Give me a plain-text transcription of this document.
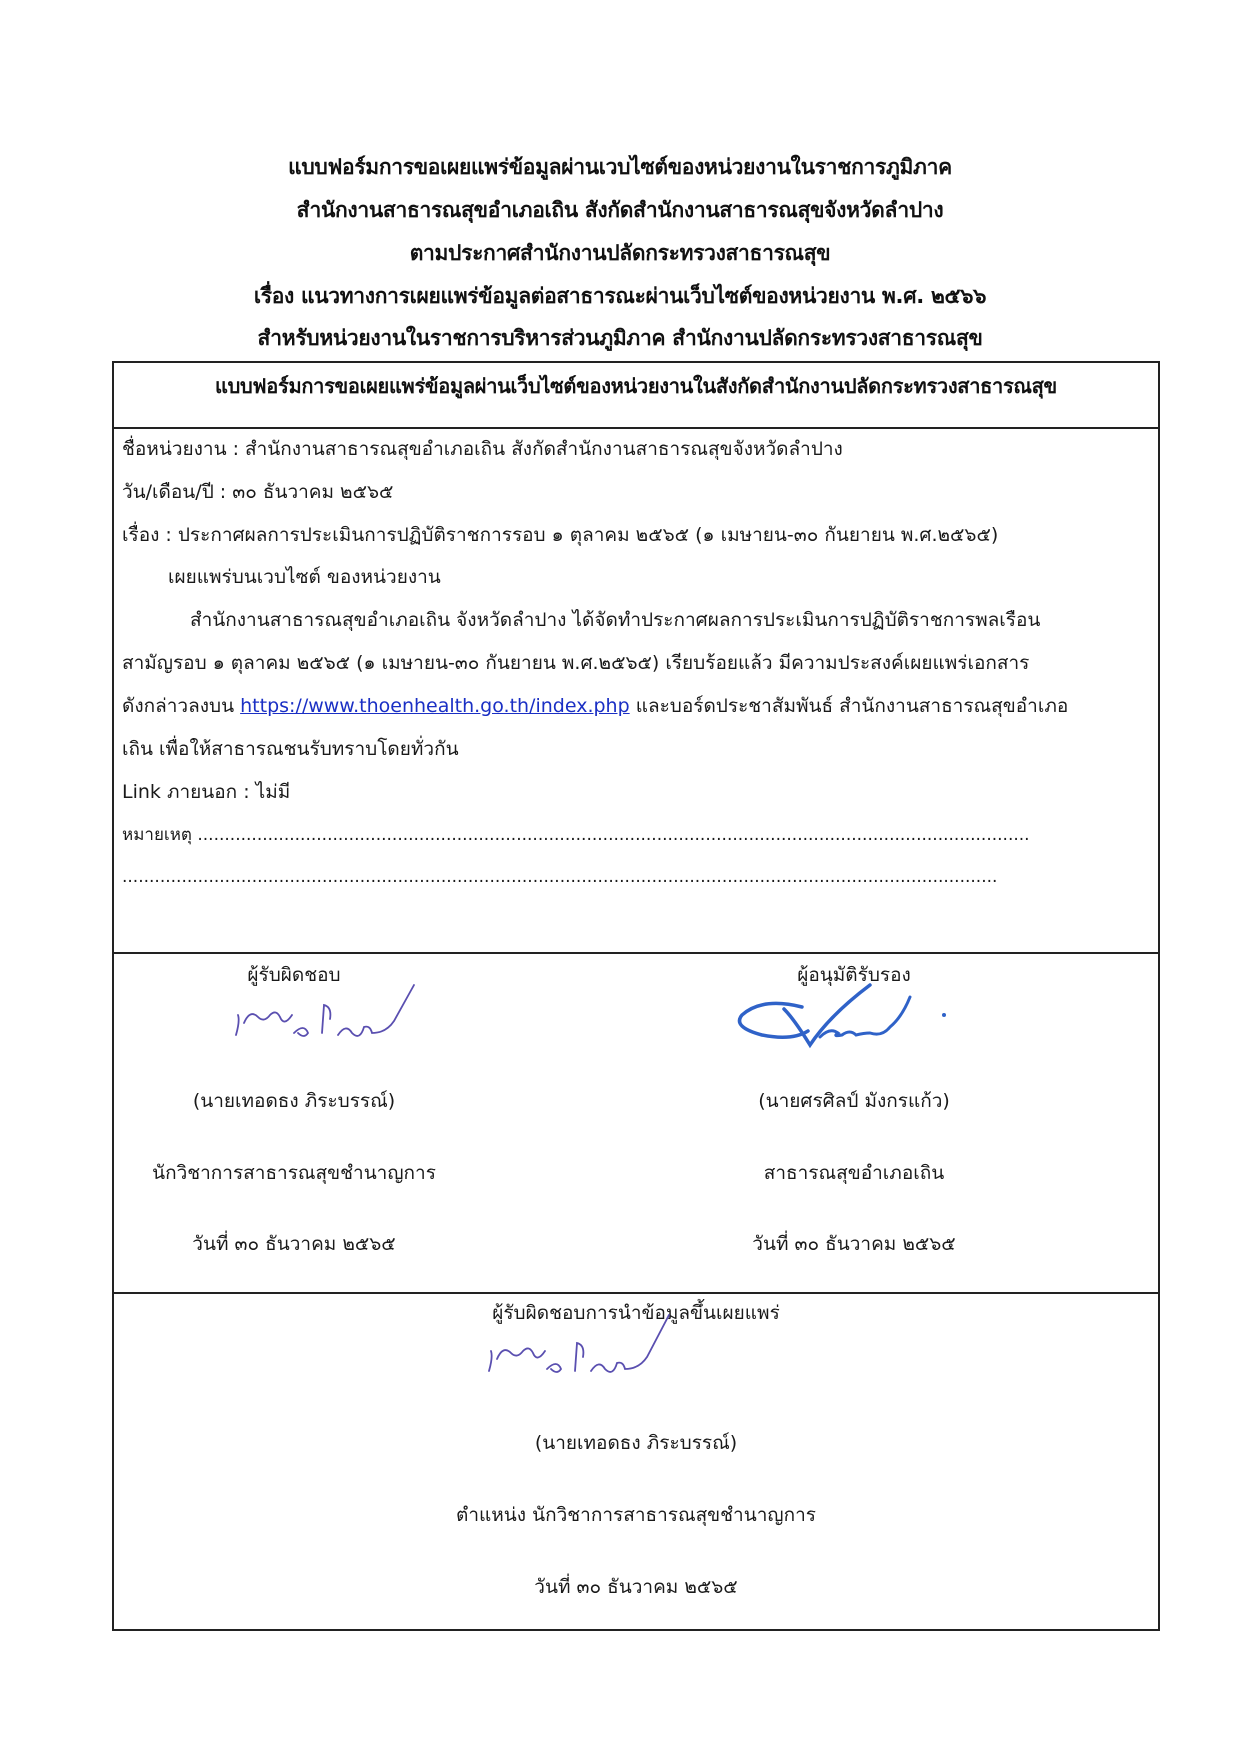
แบบฟอร์มการขอเผยแพร่ข้อมูลผ่านเวบไซต์ของหน่วยงานในราชการภูมิภาค
สำนักงานสาธารณสุขอำเภอเถิน สังกัดสำนักงานสาธารณสุขจังหวัดลำปาง
ตามประกาศสำนักงานปลัดกระทรวงสาธารณสุข
เรื่อง แนวทางการเผยแพร่ข้อมูลต่อสาธารณะผ่านเว็บไซต์ของหน่วยงาน พ.ศ. ๒๕๖๖
สำหรับหน่วยงานในราชการบริหารส่วนภูมิภาค สำนักงานปลัดกระทรวงสาธารณสุข
แบบฟอร์มการขอเผยแพร่ข้อมูลผ่านเว็บไซต์ของหน่วยงานในสังกัดสำนักงานปลัดกระทรวงสาธารณสุข
ชื่อหน่วยงาน : สำนักงานสาธารณสุขอำเภอเถิน สังกัดสำนักงานสาธารณสุขจังหวัดลำปาง
วัน/เดือน/ปี : ๓๐ ธันวาคม ๒๕๖๕
เรื่อง : ประกาศผลการประเมินการปฏิบัติราชการรอบ ๑ ตุลาคม ๒๕๖๕ (๑ เมษายน-๓๐ กันยายน พ.ศ.๒๕๖๕)
เผยแพร่บนเวบไซต์ ของหน่วยงาน
สำนักงานสาธารณสุขอำเภอเถิน จังหวัดลำปาง ได้จัดทำประกาศผลการประเมินการปฏิบัติราชการพลเรือน
สามัญรอบ ๑ ตุลาคม ๒๕๖๕ (๑ เมษายน-๓๐ กันยายน พ.ศ.๒๕๖๕) เรียบร้อยแล้ว มีความประสงค์เผยแพร่เอกสาร
ดังกล่าวลงบน https://www.thoenhealth.go.th/index.php และบอร์ดประชาสัมพันธ์ สำนักงานสาธารณสุขอำเภอ
เถิน เพื่อให้สาธารณชนรับทราบโดยทั่วกัน
Link ภายนอก : ไม่มี
หมายเหตุ ..........................................................................................................................................................
..................................................................................................................................................................
ผู้รับผิดชอบ
(นายเทอดธง ภิระบรรณ์)
นักวิชาการสาธารณสุขชำนาญการ
วันที่ ๓๐ ธันวาคม ๒๕๖๕
ผู้อนุมัติรับรอง
(นายศรศิลป์ มังกรแก้ว)
สาธารณสุขอำเภอเถิน
วันที่ ๓๐ ธันวาคม ๒๕๖๕
ผู้รับผิดชอบการนำข้อมูลขึ้นเผยแพร่
(นายเทอดธง ภิระบรรณ์)
ตำแหน่ง นักวิชาการสาธารณสุขชำนาญการ
วันที่ ๓๐ ธันวาคม ๒๕๖๕
